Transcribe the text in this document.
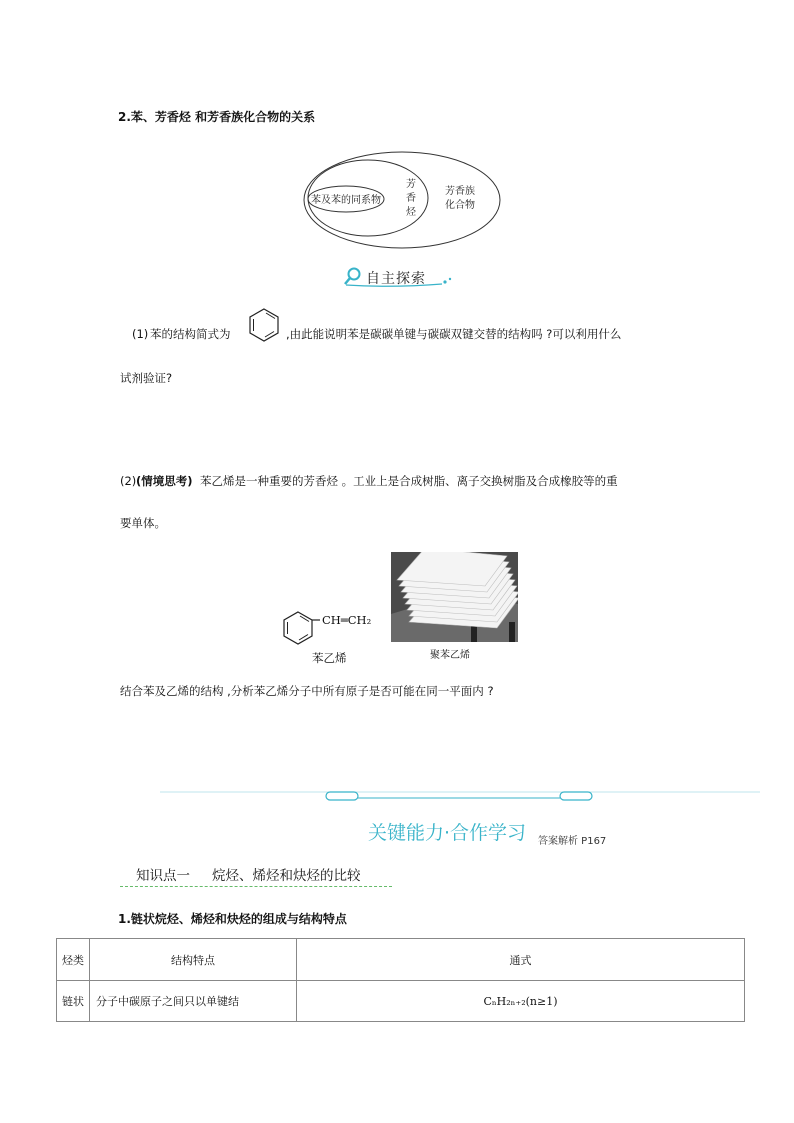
2.苯、芳香烃 和芳香族化合物的关系
苯及苯的同系物
芳
香
烃
芳香族
化合物
自主探索
(1) 苯的结构简式为	,由此能说明苯是碳碳单键与碳碳双键交替的结构吗 ?可以利用什么
试剂验证?
(2) (情境思考) 苯乙烯是一种重要的芳香烃 。工业上是合成树脂、离子交换树脂及合成橡胶等的重
要单体。
CH═CH₂
苯乙烯	聚苯乙烯
结合苯及乙烯的结构 ,分析苯乙烯分子中所有原子是否可能在同一平面内 ?
关键能力·合作学习 答案解析 P167
知识点一 烷烃、烯烃和炔烃的比较
1.链状烷烃、烯烃和炔烃的组成与结构特点
烃类	结构特点	通式
链状	分子中碳原子之间只以单键结	CₙH₂ₙ₊₂(n≥1)
